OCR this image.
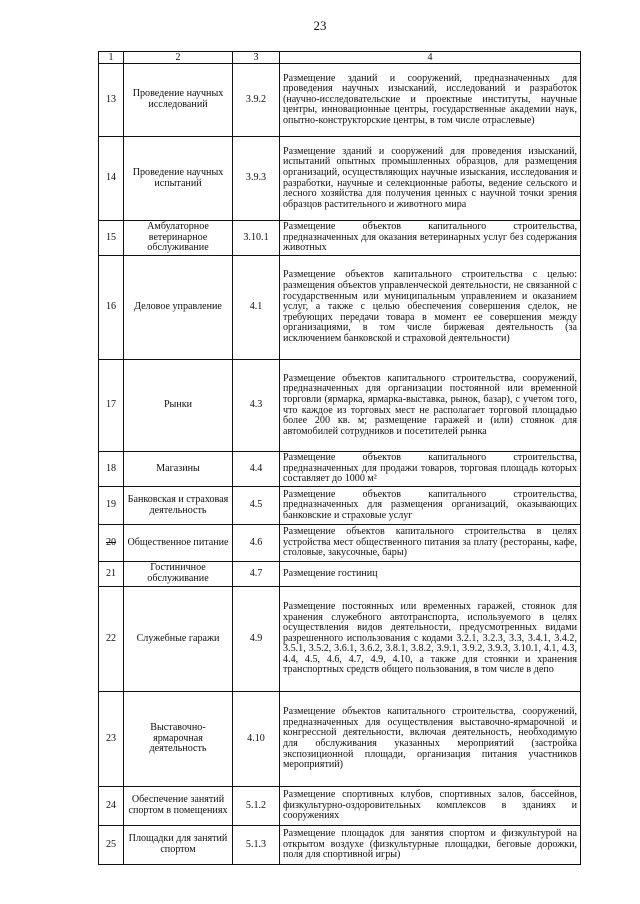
23
1	2	3	4
13	Проведение научных исследований	3.9.2	Размещение зданий и сооружений, предназначенных для проведения научных изысканий, исследований и разработок (научно-исследовательские и проектные институты, научные центры, инновационные центры, государственные академии наук, опытно-конструкторские центры, в том числе отраслевые)
14	Проведение научных испытаний	3.9.3	Размещение зданий и сооружений для проведения изысканий, испытаний опытных промышленных образцов, для размещения организаций, осуществляющих научные изыскания, исследования и разработки, научные и селекционные работы, ведение сельского и лесного хозяйства для получения ценных с научной точки зрения образцов растительного и животного мира
15	Амбулаторное ветеринарное обслуживание	3.10.1	Размещение объектов капитального строительства, предназначенных для оказания ветеринарных услуг без содержания животных
16	Деловое управление	4.1	Размещение объектов капитального строительства с целью: размещения объектов управленческой деятельности, не связанной с государственным или муниципальным управлением и оказанием услуг, а также с целью обеспечения совершения сделок, не требующих передачи товара в момент ее совершения между организациями, в том числе биржевая деятельность (за исключением банковской и страховой деятельности)
17	Рынки	4.3	Размещение объектов капитального строительства, сооружений, предназначенных для организации постоянной или временной торговли (ярмарка, ярмарка-выставка, рынок, базар), с учетом того, что каждое из торговых мест не располагает торговой площадью более 200 кв. м; размещение гаражей и (или) стоянок для автомобилей сотрудников и посетителей рынка
18	Магазины	4.4	Размещение объектов капитального строительства, предназначенных для продажи товаров, торговая площадь которых составляет до 1000 м²
19	Банковская и страховая деятельность	4.5	Размещение объектов капитального строительства, предназначенных для размещения организаций, оказывающих банковские и страховые услуг
20	Общественное питание	4.6	Размещение объектов капитального строительства в целях устройства мест общественного питания за плату (рестораны, кафе, столовые, закусочные, бары)
21	Гостиничное обслуживание	4.7	Размещение гостиниц
22	Служебные гаражи	4.9	Размещение постоянных или временных гаражей, стоянок для хранения служебного автотранспорта, используемого в целях осуществления видов деятельности, предусмотренных видами разрешенного использования с кодами 3.2.1, 3.2.3, 3.3, 3.4.1, 3.4.2, 3.5.1, 3.5.2, 3.6.1, 3.6.2, 3.8.1, 3.8.2, 3.9.1, 3.9.2, 3.9.3, 3.10.1, 4.1, 4.3, 4.4, 4.5, 4.6, 4.7, 4.9, 4.10, а также для стоянки и хранения транспортных средств общего пользования, в том числе в депо
23	Выставочно-ярмарочная деятельность	4.10	Размещение объектов капитального строительства, сооружений, предназначенных для осуществления выставочно-ярмарочной и конгрессной деятельности, включая деятельность, необходимую для обслуживания указанных мероприятий (застройка экспозиционной площади, организация питания участников мероприятий)
24	Обеспечение занятий спортом в помещениях	5.1.2	Размещение спортивных клубов, спортивных залов, бассейнов, физкультурно-оздоровительных комплексов в зданиях и сооружениях
25	Площадки для занятий спортом	5.1.3	Размещение площадок для занятия спортом и физкультурой на открытом воздухе (физкультурные площадки, беговые дорожки, поля для спортивной игры)
